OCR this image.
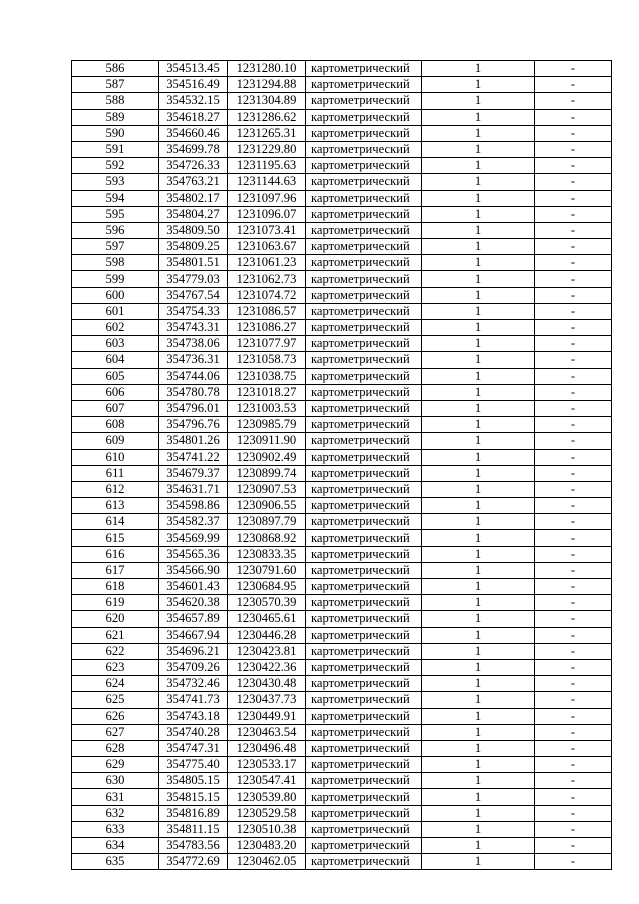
586	354513.45	1231280.10	картометрический	1	-
587	354516.49	1231294.88	картометрический	1	-
588	354532.15	1231304.89	картометрический	1	-
589	354618.27	1231286.62	картометрический	1	-
590	354660.46	1231265.31	картометрический	1	-
591	354699.78	1231229.80	картометрический	1	-
592	354726.33	1231195.63	картометрический	1	-
593	354763.21	1231144.63	картометрический	1	-
594	354802.17	1231097.96	картометрический	1	-
595	354804.27	1231096.07	картометрический	1	-
596	354809.50	1231073.41	картометрический	1	-
597	354809.25	1231063.67	картометрический	1	-
598	354801.51	1231061.23	картометрический	1	-
599	354779.03	1231062.73	картометрический	1	-
600	354767.54	1231074.72	картометрический	1	-
601	354754.33	1231086.57	картометрический	1	-
602	354743.31	1231086.27	картометрический	1	-
603	354738.06	1231077.97	картометрический	1	-
604	354736.31	1231058.73	картометрический	1	-
605	354744.06	1231038.75	картометрический	1	-
606	354780.78	1231018.27	картометрический	1	-
607	354796.01	1231003.53	картометрический	1	-
608	354796.76	1230985.79	картометрический	1	-
609	354801.26	1230911.90	картометрический	1	-
610	354741.22	1230902.49	картометрический	1	-
611	354679.37	1230899.74	картометрический	1	-
612	354631.71	1230907.53	картометрический	1	-
613	354598.86	1230906.55	картометрический	1	-
614	354582.37	1230897.79	картометрический	1	-
615	354569.99	1230868.92	картометрический	1	-
616	354565.36	1230833.35	картометрический	1	-
617	354566.90	1230791.60	картометрический	1	-
618	354601.43	1230684.95	картометрический	1	-
619	354620.38	1230570.39	картометрический	1	-
620	354657.89	1230465.61	картометрический	1	-
621	354667.94	1230446.28	картометрический	1	-
622	354696.21	1230423.81	картометрический	1	-
623	354709.26	1230422.36	картометрический	1	-
624	354732.46	1230430.48	картометрический	1	-
625	354741.73	1230437.73	картометрический	1	-
626	354743.18	1230449.91	картометрический	1	-
627	354740.28	1230463.54	картометрический	1	-
628	354747.31	1230496.48	картометрический	1	-
629	354775.40	1230533.17	картометрический	1	-
630	354805.15	1230547.41	картометрический	1	-
631	354815.15	1230539.80	картометрический	1	-
632	354816.89	1230529.58	картометрический	1	-
633	354811.15	1230510.38	картометрический	1	-
634	354783.56	1230483.20	картометрический	1	-
635	354772.69	1230462.05	картометрический	1	-
